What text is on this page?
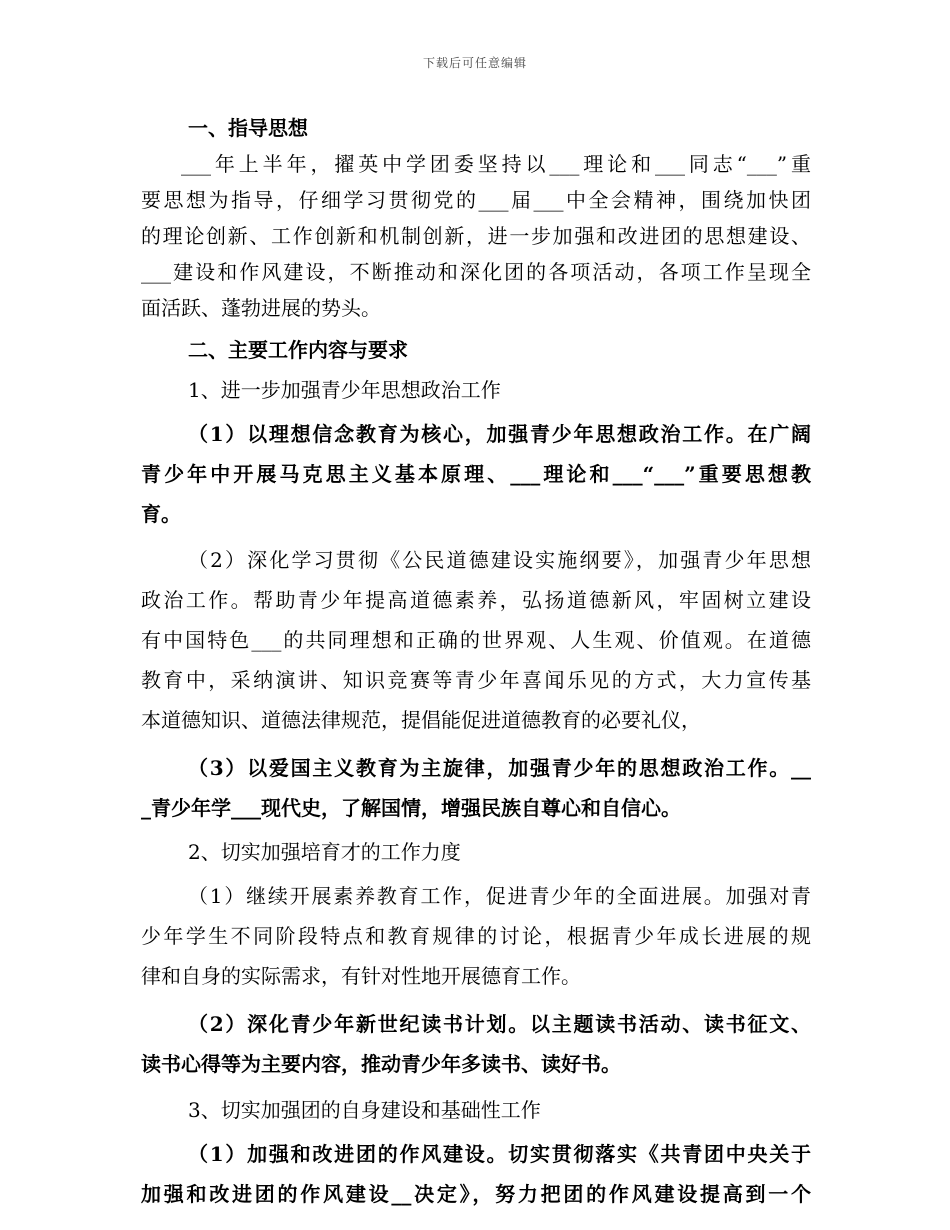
下载后可任意编辑
一、指导思想
___年上半年，擢英中学团委坚持以___理论和___同志“___”重
要思想为指导，仔细学习贯彻党的___届___中全会精神，围绕加快团
的理论创新、工作创新和机制创新，进一步加强和改进团的思想建设、
___建设和作风建设，不断推动和深化团的各项活动，各项工作呈现全
面活跃、蓬勃进展的势头。
二、主要工作内容与要求
1、进一步加强青少年思想政治工作
（1）以理想信念教育为核心，加强青少年思想政治工作。在广阔
青少年中开展马克思主义基本原理、___理论和___“___”重要思想教
育。
（2）深化学习贯彻《公民道德建设实施纲要》，加强青少年思想
政治工作。帮助青少年提高道德素养，弘扬道德新风，牢固树立建设
有中国特色___的共同理想和正确的世界观、人生观、价值观。在道德
教育中，采纳演讲、知识竞赛等青少年喜闻乐见的方式，大力宣传基
本道德知识、道德法律规范，提倡能促进道德教育的必要礼仪，
（3）以爱国主义教育为主旋律，加强青少年的思想政治工作。__
_青少年学___现代史，了解国情，增强民族自尊心和自信心。
2、切实加强培育才的工作力度
（1）继续开展素养教育工作，促进青少年的全面进展。加强对青
少年学生不同阶段特点和教育规律的讨论，根据青少年成长进展的规
律和自身的实际需求，有针对性地开展德育工作。
（2）深化青少年新世纪读书计划。以主题读书活动、读书征文、
读书心得等为主要内容，推动青少年多读书、读好书。
3、切实加强团的自身建设和基础性工作
（1）加强和改进团的作风建设。切实贯彻落实《共青团中央关于
加强和改进团的作风建设__决定》，努力把团的作风建设提高到一个
